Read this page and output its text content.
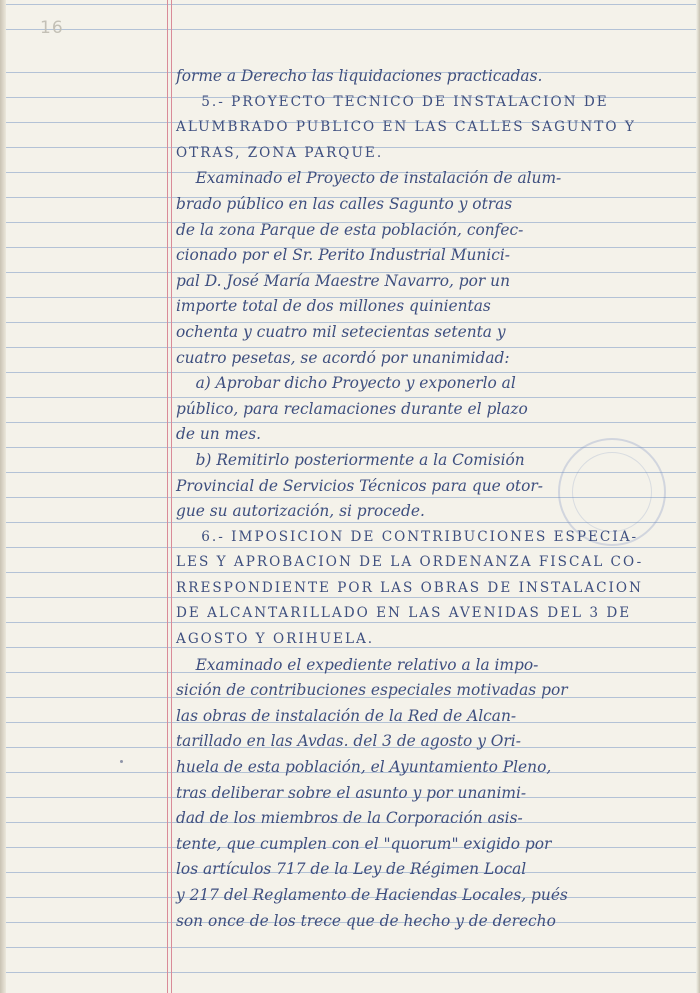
16
forme a Derecho las liquidaciones practicadas.
5.- PROYECTO TECNICO DE INSTALACION DE
ALUMBRADO PUBLICO EN LAS CALLES SAGUNTO Y
OTRAS, ZONA PARQUE.
Examinado el Proyecto de instalación de alum-
brado público en las calles Sagunto y otras
de la zona Parque de esta población, confec-
cionado por el Sr. Perito Industrial Munici-
pal D. José María Maestre Navarro, por un
importe total de dos millones quinientas
ochenta y cuatro mil setecientas setenta y
cuatro pesetas, se acordó por unanimidad:
a) Aprobar dicho Proyecto y exponerlo al
público, para reclamaciones durante el plazo
de un mes.
b) Remitirlo posteriormente a la Comisión
Provincial de Servicios Técnicos para que otor-
gue su autorización, si procede.
6.- IMPOSICION DE CONTRIBUCIONES ESPECIA-
LES Y APROBACION DE LA ORDENANZA FISCAL CO-
RRESPONDIENTE POR LAS OBRAS DE INSTALACION
DE ALCANTARILLADO EN LAS AVENIDAS DEL 3 DE
AGOSTO Y ORIHUELA.
Examinado el expediente relativo a la impo-
sición de contribuciones especiales motivadas por
las obras de instalación de la Red de Alcan-
tarillado en las Avdas. del 3 de agosto y Ori-
huela de esta población, el Ayuntamiento Pleno,
tras deliberar sobre el asunto y por unanimi-
dad de los miembros de la Corporación asis-
tente, que cumplen con el "quorum" exigido por
los artículos 717 de la Ley de Régimen Local
y 217 del Reglamento de Haciendas Locales, pués
son once de los trece que de hecho y de derecho
